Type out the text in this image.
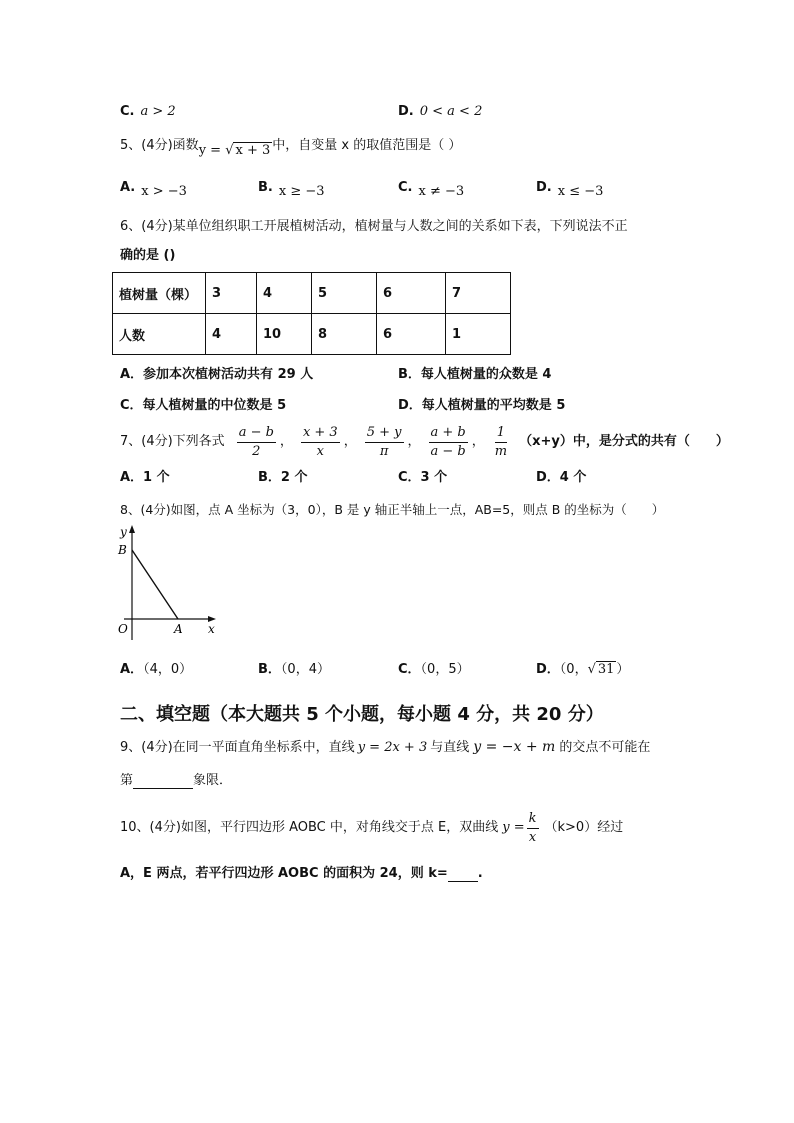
C. a > 2	D. 0 < a < 2
5、(4分)函数y = √ x + 3 中，自变量 x 的取值范围是（ ）
A. x > −3	B. x ≥ −3	C. x ≠ −3	D. x ≤ −3
6、(4分)某单位组织职工开展植树活动，植树量与人数之间的关系如下表，下列说法不正
确的是 ()
植树量（棵）	3	4	5	6	7
人数	4	10	8	6	1
A．参加本次植树活动共有 29 人	B．每人植树量的众数是 4
C．每人植树量的中位数是 5	D．每人植树量的平均数是 5
7、(4分)下列各式 $\frac{a - b}{2}$ ， $\frac{x + 3}{x}$ ， $\frac{5 + y}{\pi}$ ， $\frac{a + b}{a - b}$ ， $\frac{1}{m} (x+y)$中，是分式的共有（　　）
A．1 个	B．2 个	C．3 个	D．4 个
8、(4分)如图，点 A 坐标为（3，0），B 是 y 轴正半轴上一点，AB=5，则点 B 的坐标为（　　）
y
B
O	A x
A．（4，0）	B．（0，4）	C．（0，5）	D．（0，√ 31 ）
二、填空题（本大题共 5 个小题，每小题 4 分，共 20 分）
9、(4分)在同一平面直角坐标系中，直线 y = 2x + 3 与直线 y = −x + m 的交点不可能在
第	象限．
10、(4分)如图，平行四边形 AOBC 中，对角线交于点 E，双曲线 $y = \frac{k}{x} (k>0)$经过
A，E 两点，若平行四边形 AOBC 的面积为 24，则 k= .
